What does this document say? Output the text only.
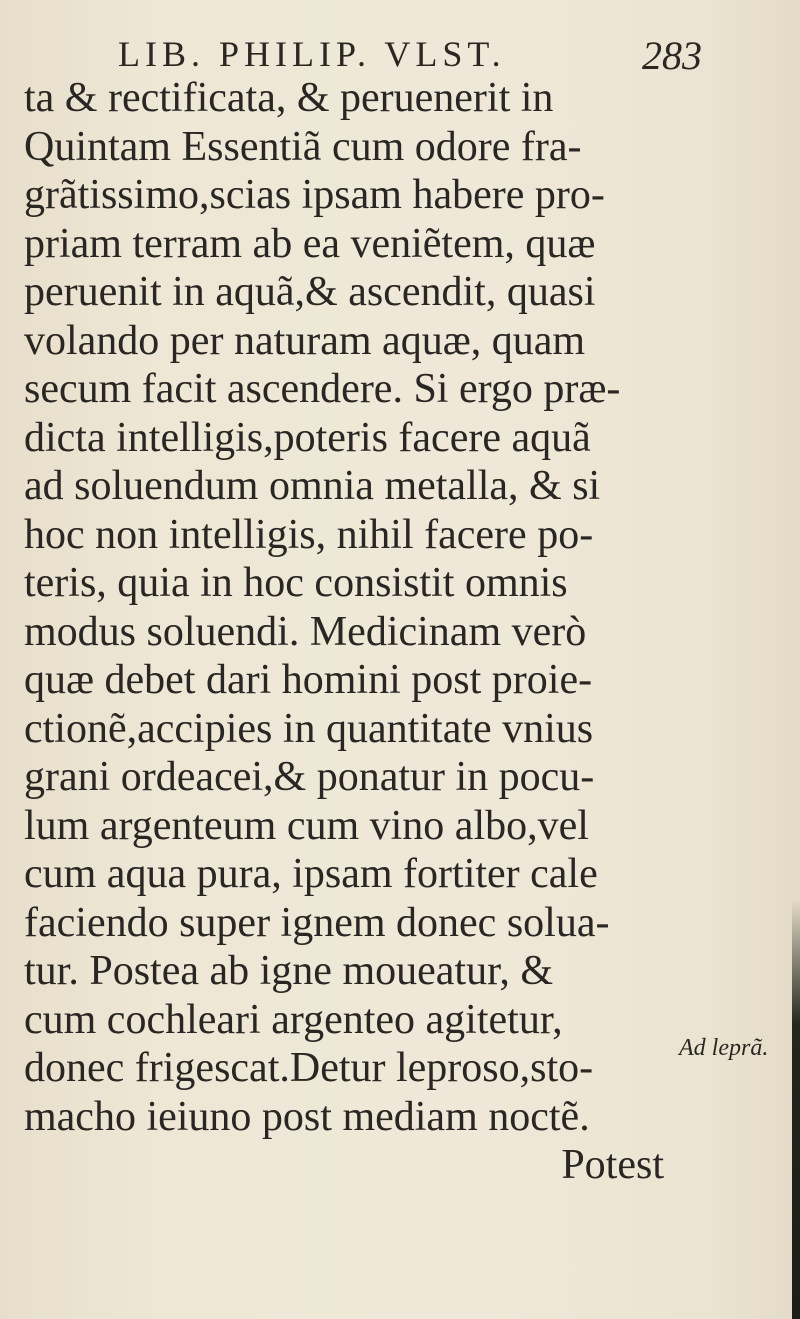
LIB. PHILIP. VLST.	283
ta & rectificata, & peruenerit in
Quintam Essentiã cum odore fra-
grãtissimo,scias ipsam habere pro-
priam terram ab ea veniẽtem, quæ
peruenit in aquã,& ascendit, quasi
volando per naturam aquæ, quam
secum facit ascendere. Si ergo præ-
dicta intelligis,poteris facere aquã
ad soluendum omnia metalla, & si
hoc non intelligis, nihil facere po-
teris, quia in hoc consistit omnis
modus soluendi. Medicinam verò
quæ debet dari homini post proie-
ctionẽ,accipies in quantitate vnius
grani ordeacei,& ponatur in pocu-
lum argenteum cum vino albo,vel
cum aqua pura, ipsam fortiter cale
faciendo super ignem donec solua-
tur. Postea ab igne moueatur, &
cum cochleari argenteo agitetur,
donec frigescat.Detur leproso,sto-
macho ieiuno post mediam noctẽ.
Potest
Ad leprã.
